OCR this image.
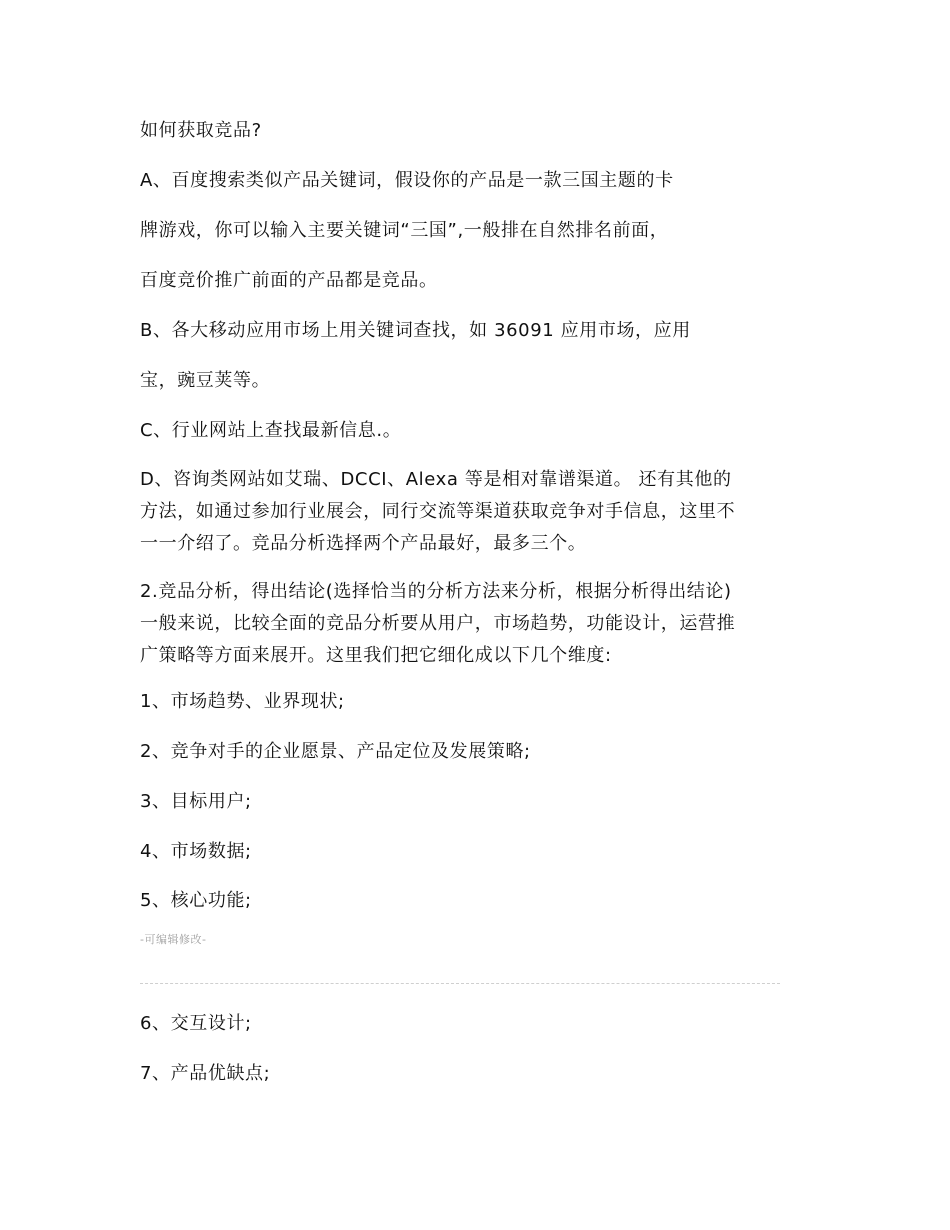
如何获取竞品?

A、百度搜索类似产品关键词，假设你的产品是一款三国主题的卡

牌游戏，你可以输入主要关键词“三国”,一般排在自然排名前面，

百度竞价推广前面的产品都是竞品。

B、各大移动应用市场上用关键词查找，如 36091 应用市场，应用

宝，豌豆荚等。

C、行业网站上查找最新信息.。

D、咨询类网站如艾瑞、DCCI、Alexa 等是相对靠谱渠道。 还有其他的
方法，如通过参加行业展会，同行交流等渠道获取竞争对手信息，这里不
一一介绍了。竞品分析选择两个产品最好，最多三个。

2.竞品分析，得出结论(选择恰当的分析方法来分析，根据分析得出结论)
一般来说，比较全面的竞品分析要从用户，市场趋势，功能设计，运营推
广策略等方面来展开。这里我们把它细化成以下几个维度:

1、市场趋势、业界现状;

2、竞争对手的企业愿景、产品定位及发展策略;

3、目标用户;

4、市场数据;

5、核心功能;

-可编辑修改-

6、交互设计;

7、产品优缺点;
